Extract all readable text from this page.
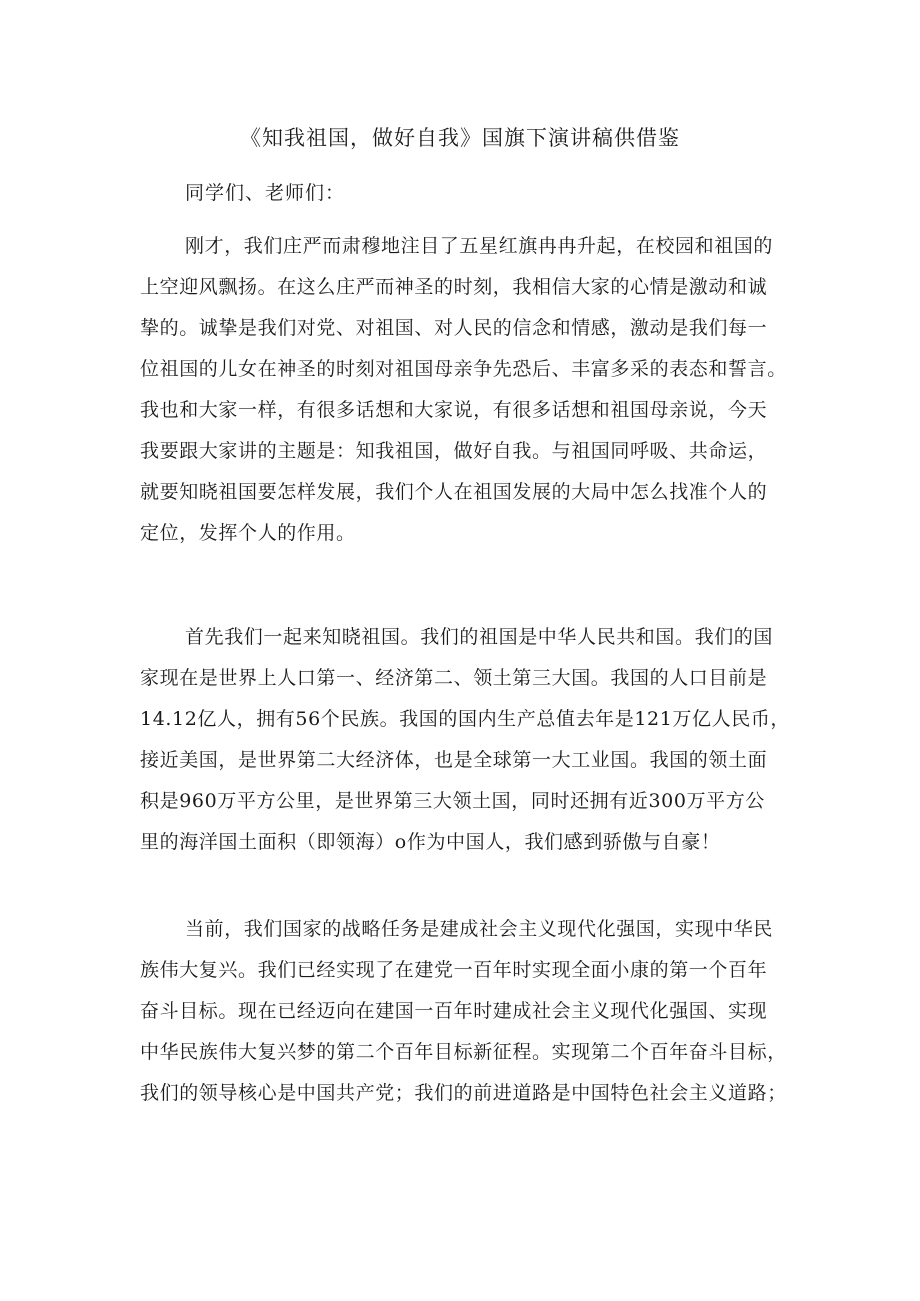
《知我祖国，做好自我》国旗下演讲稿供借鉴
同学们、老师们：
刚才，我们庄严而肃穆地注目了五星红旗冉冉升起，在校园和祖国的
上空迎风飘扬。在这么庄严而神圣的时刻，我相信大家的心情是激动和诚
挚的。诚挚是我们对党、对祖国、对人民的信念和情感，激动是我们每一
位祖国的儿女在神圣的时刻对祖国母亲争先恐后、丰富多采的表态和誓言。
我也和大家一样，有很多话想和大家说，有很多话想和祖国母亲说，今天
我要跟大家讲的主题是：知我祖国，做好自我。与祖国同呼吸、共命运，
就要知晓祖国要怎样发展，我们个人在祖国发展的大局中怎么找准个人的
定位，发挥个人的作用。
首先我们一起来知晓祖国。我们的祖国是中华人民共和国。我们的国
家现在是世界上人口第一、经济第二、领土第三大国。我国的人口目前是
14.12亿人，拥有56个民族。我国的国内生产总值去年是121万亿人民币，
接近美国，是世界第二大经济体，也是全球第一大工业国。我国的领土面
积是960万平方公里，是世界第三大领土国，同时还拥有近300万平方公
里的海洋国土面积（即领海）o作为中国人，我们感到骄傲与自豪！
当前，我们国家的战略任务是建成社会主义现代化强国，实现中华民
族伟大复兴。我们已经实现了在建党一百年时实现全面小康的第一个百年
奋斗目标。现在已经迈向在建国一百年时建成社会主义现代化强国、实现
中华民族伟大复兴梦的第二个百年目标新征程。实现第二个百年奋斗目标，
我们的领导核心是中国共产党；我们的前进道路是中国特色社会主义道路；
